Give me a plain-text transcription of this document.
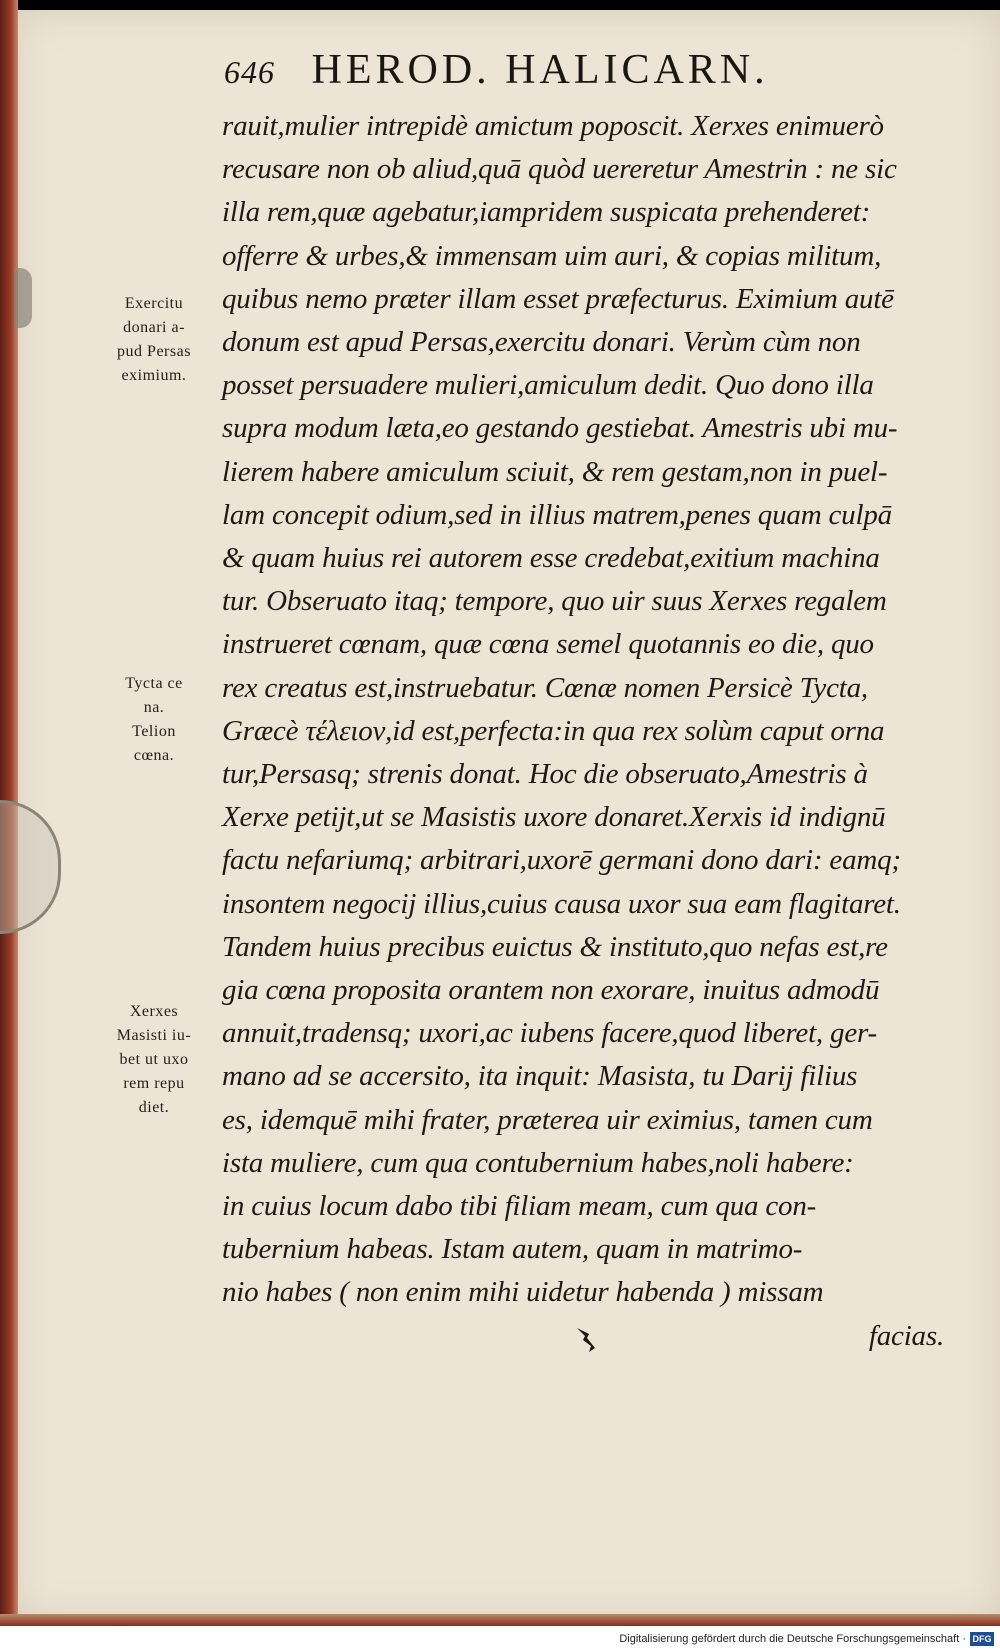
646 HEROD. HALICARN.
rauit,mulier intrepidè amictum poposcit. Xerxes enimuerò
recusare non ob aliud,quā quòd uereretur Amestrin : ne sic
illa rem,quæ agebatur,iampridem suspicata prehenderet:
offerre & urbes,& immensam uim auri, & copias militum,
quibus nemo præter illam esset præfecturus. Eximium autē
donum est apud Persas,exercitu donari. Verùm cùm non
posset persuadere mulieri,amiculum dedit. Quo dono illa
supra modum læta,eo gestando gestiebat. Amestris ubi mu-
lierem habere amiculum sciuit, & rem gestam,non in puel-
lam concepit odium,sed in illius matrem,penes quam culpā
& quam huius rei autorem esse credebat,exitium machina
tur. Obseruato itaq; tempore, quo uir suus Xerxes regalem
instrueret cœnam, quæ cœna semel quotannis eo die, quo
rex creatus est,instruebatur. Cœnæ nomen Persicè Tycta,
Græcè τέλειον,id est,perfecta:in qua rex solùm caput orna
tur,Persasq; strenis donat. Hoc die obseruato,Amestris à
Xerxe petijt,ut se Masistis uxore donaret.Xerxis id indignū
factu nefariumq; arbitrari,uxorē germani dono dari: eamq;
insontem negocij illius,cuius causa uxor sua eam flagitaret.
Tandem huius precibus euictus & instituto,quo nefas est,re
gia cœna proposita orantem non exorare, inuitus admodū
annuit,tradensq; uxori,ac iubens facere,quod liberet, ger-
mano ad se accersito, ita inquit: Masista, tu Darij filius
es, idemquē mihi frater, præterea uir eximius, tamen cum
ista muliere, cum qua contubernium habes,noli habere:
in cuius locum dabo tibi filiam meam, cum qua con-
tubernium habeas. Istam autem, quam in matrimo-
nio habes ( non enim mihi uidetur habenda ) missam
facias.
Exercitu
donari a-
pud Persas
eximium.
Tycta ce
na.
Telion
cœna.
Xerxes
Masisti iu-
bet ut uxo
rem repu
diet.
Digitalisierung gefördert durch die Deutsche Forschungsgemeinschaft · DFG
